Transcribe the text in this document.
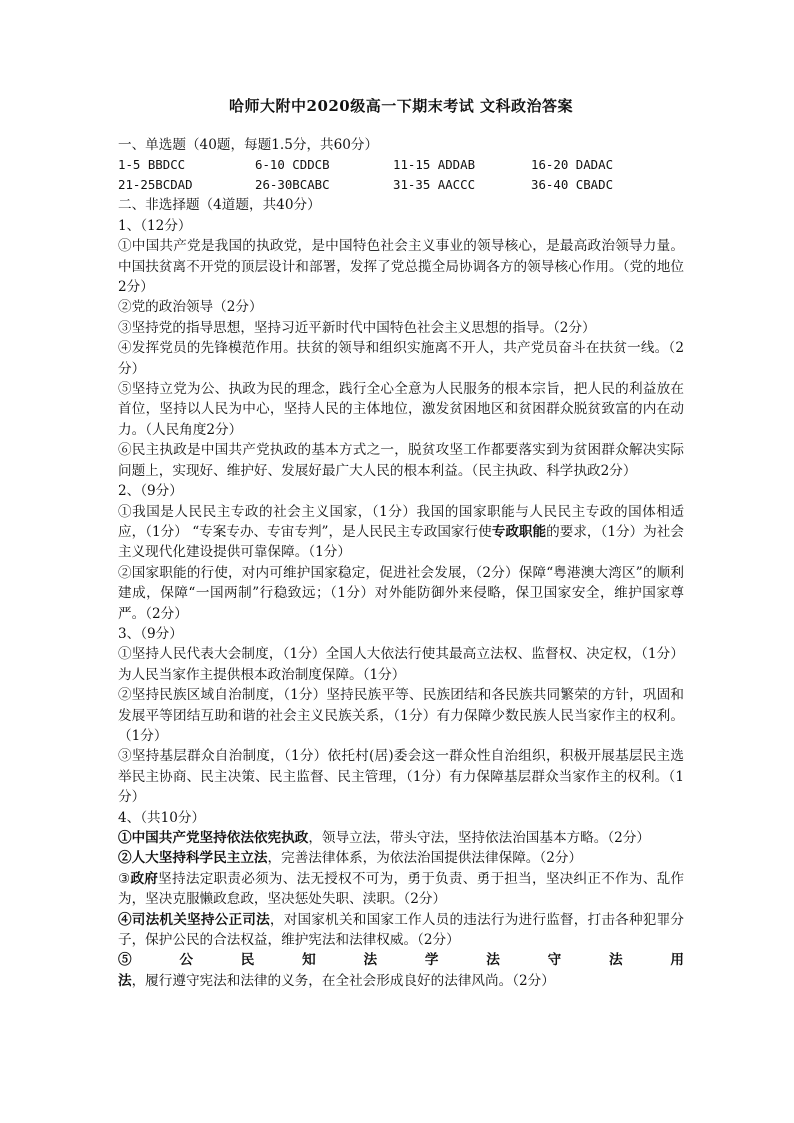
哈师大附中2020级高一下期末考试 文科政治答案

一、单选题（40题，每题1.5分，共60分）

1-5 BBDCC	6-10 CDDCB	11-15 ADDAB	16-20 DADAC
21-25BCDAD	26-30BCABC	31-35 AACCC	36-40 CBADC

二、非选择题（4道题，共40分）

1、（12分）

①中国共产党是我国的执政党，是中国特色社会主义事业的领导核心，是最高政治领导力量。中国扶贫离不开党的顶层设计和部署，发挥了党总揽全局协调各方的领导核心作用。（党的地位2分）

②党的政治领导（2分）

③坚持党的指导思想，坚持习近平新时代中国特色社会主义思想的指导。（2分）

④发挥党员的先锋模范作用。扶贫的领导和组织实施离不开人，共产党员奋斗在扶贫一线。（2分）

⑤坚持立党为公、执政为民的理念，践行全心全意为人民服务的根本宗旨，把人民的利益放在首位，坚持以人民为中心，坚持人民的主体地位，激发贫困地区和贫困群众脱贫致富的内在动力。（人民角度2分）

⑥民主执政是中国共产党执政的基本方式之一，脱贫攻坚工作都要落实到为贫困群众解决实际问题上，实现好、维护好、发展好最广大人民的根本利益。（民主执政、科学执政2分）

2、（9分）

①我国是人民民主专政的社会主义国家，（1分）我国的国家职能与人民民主专政的国体相适应，（1分） “专案专办、专宙专判”，是人民民主专政国家行使专政职能的要求，（1分）为社会主义现代化建设提供可靠保障。（1分）

②国家职能的行使，对内可维护国家稳定，促进社会发展，（2分）保障“粤港澳大湾区”的顺利建成，保障“一国两制”行稳致远；（1分）对外能防御外来侵略，保卫国家安全，维护国家尊严。（2分）

3、（9分）

①坚持人民代表大会制度，（1分）全国人大依法行使其最高立法权、监督权、决定权，（1分）为人民当家作主提供根本政治制度保障。（1分）

②坚持民族区域自治制度，（1分）坚持民族平等、民族团结和各民族共同繁荣的方针，巩固和发展平等团结互助和谐的社会主义民族关系，（1分）有力保障少数民族人民当家作主的权利。（1分）

③坚持基层群众自治制度，（1分）依托村(居)委会这一群众性自治组织，积极开展基层民主选举民主协商、民主决策、民主监督、民主管理，（1分）有力保障基层群众当家作主的权利。（1分）

4、（共10分）

①中国共产党坚持依法依宪执政，领导立法，带头守法，坚持依法治国基本方略。（2分）

②人大坚持科学民主立法，完善法律体系，为依法治国提供法律保障。（2分）

③政府坚持法定职责必须为、法无授权不可为，勇于负责、勇于担当，坚决纠正不作为、乱作为，坚决克服懒政怠政，坚决惩处失职、渎职。（2分）

④司法机关坚持公正司法，对国家机关和国家工作人员的违法行为进行监督，打击各种犯罪分子，保护公民的合法权益，维护宪法和法律权威。（2分）

⑤公民知法学法守法用法，履行遵守宪法和法律的义务，在全社会形成良好的法律风尚。（2分）
